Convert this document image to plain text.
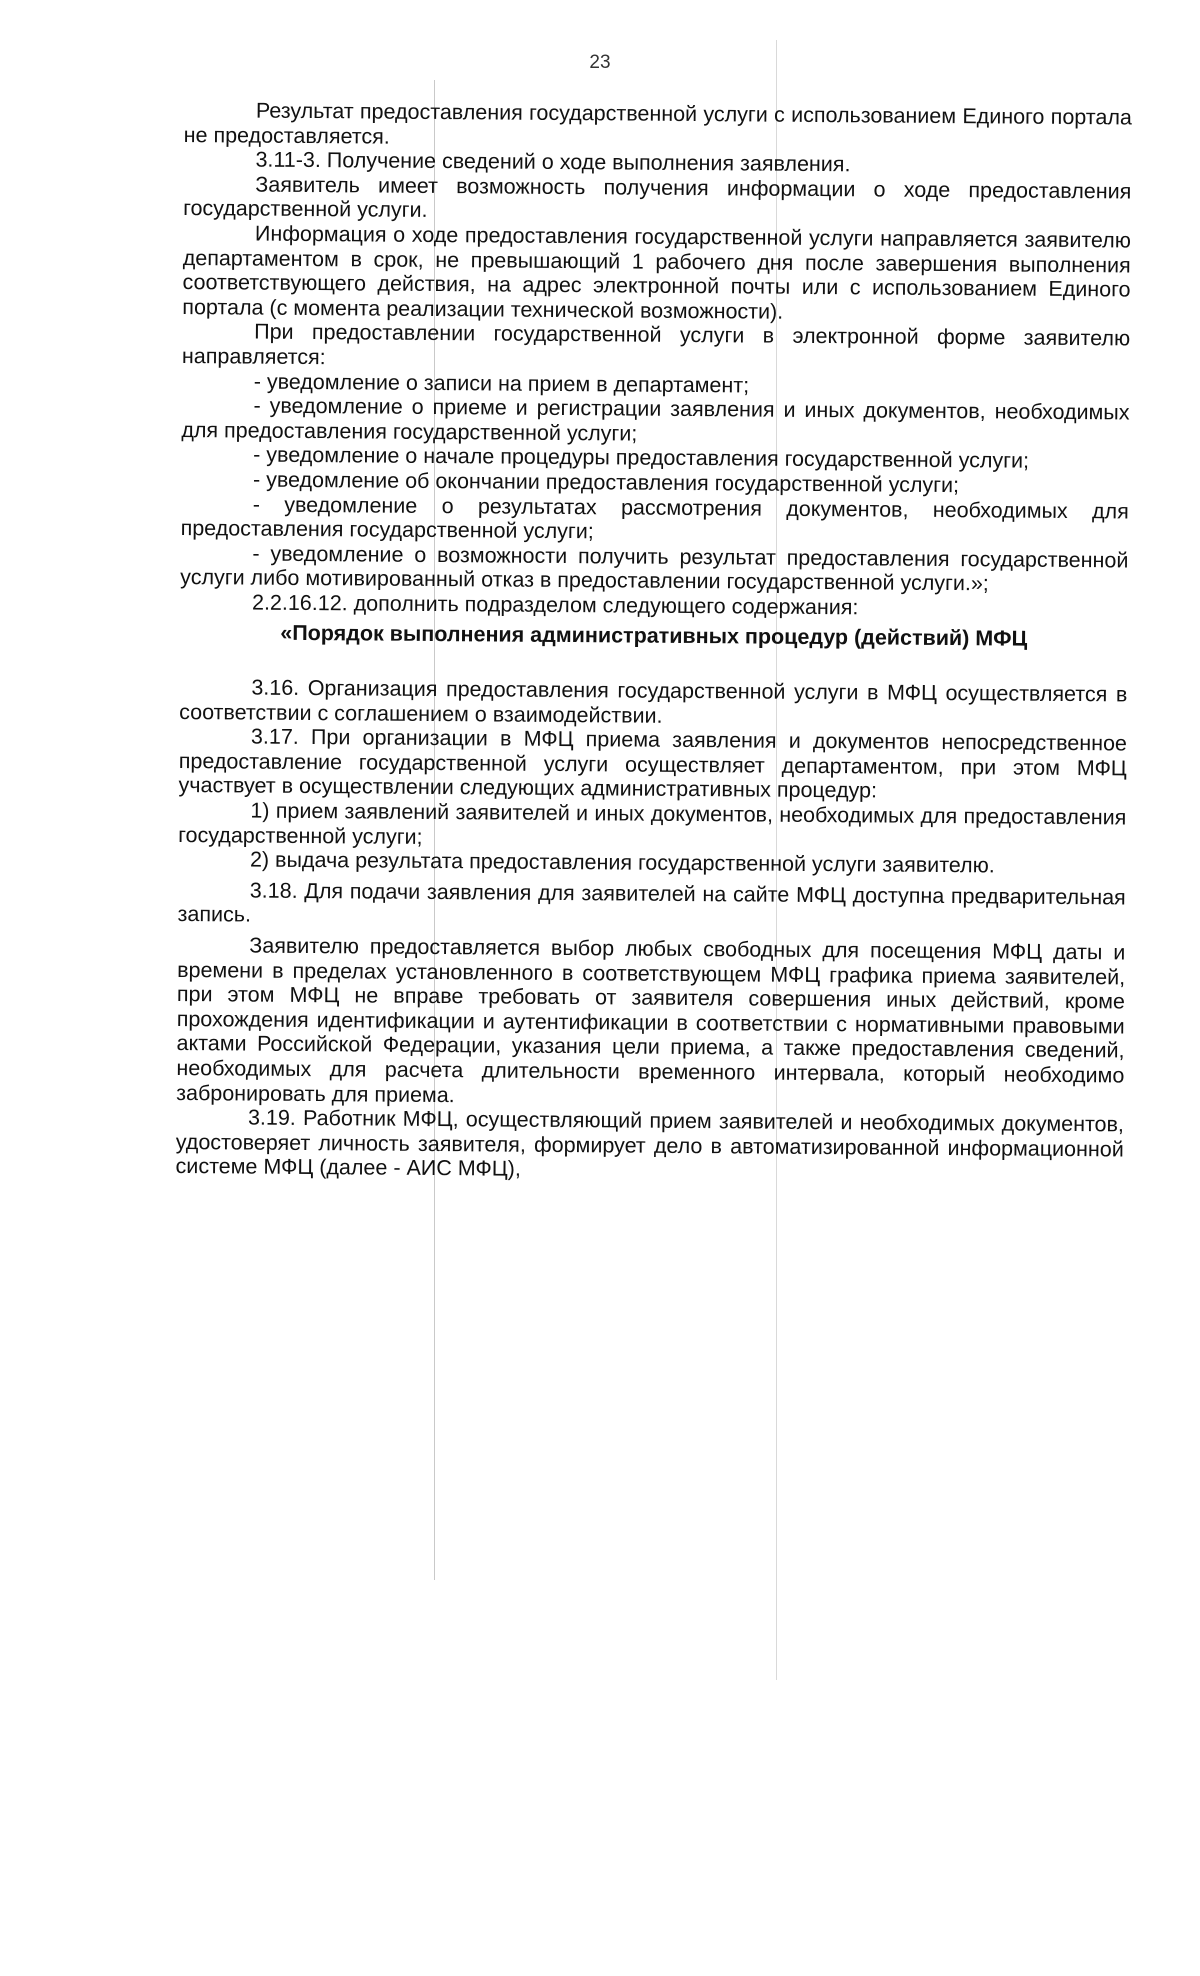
23

Результат предоставления государственной услуги с использованием Единого портала не предоставляется.

3.11-3. Получение сведений о ходе выполнения заявления.

Заявитель имеет возможность получения информации о ходе предоставления государственной услуги.

Информация о ходе предоставления государственной услуги направляется заявителю департаментом в срок, не превышающий 1 рабочего дня после завершения выполнения соответствующего действия, на адрес электронной почты или с использованием Единого портала (с момента реализации технической возможности).

При предоставлении государственной услуги в электронной форме заявителю направляется:

- уведомление о записи на прием в департамент;

- уведомление о приеме и регистрации заявления и иных документов, необходимых для предоставления государственной услуги;

- уведомление о начале процедуры предоставления государственной услуги;

- уведомление об окончании предоставления государственной услуги;

- уведомление о результатах рассмотрения документов, необходимых для предоставления государственной услуги;

- уведомление о возможности получить результат предоставления государственной услуги либо мотивированный отказ в предоставлении государственной услуги.»;

2.2.16.12. дополнить подразделом следующего содержания:

«Порядок выполнения административных процедур (действий) МФЦ

3.16. Организация предоставления государственной услуги в МФЦ осуществляется в соответствии с соглашением о взаимодействии.

3.17. При организации в МФЦ приема заявления и документов непосредственное предоставление государственной услуги осуществляет департаментом, при этом МФЦ участвует в осуществлении следующих административных процедур:

1) прием заявлений заявителей и иных документов, необходимых для предоставления государственной услуги;

2) выдача результата предоставления государственной услуги заявителю.

3.18. Для подачи заявления для заявителей на сайте МФЦ доступна предварительная запись.

Заявителю предоставляется выбор любых свободных для посещения МФЦ даты и времени в пределах установленного в соответствующем МФЦ графика приема заявителей, при этом МФЦ не вправе требовать от заявителя совершения иных действий, кроме прохождения идентификации и аутентификации в соответствии с нормативными правовыми актами Российской Федерации, указания цели приема, а также предоставления сведений, необходимых для расчета длительности временного интервала, который необходимо забронировать для приема.

3.19. Работник МФЦ, осуществляющий прием заявителей и необходимых документов, удостоверяет личность заявителя, формирует дело в автоматизированной информационной системе МФЦ (далее - АИС МФЦ),
